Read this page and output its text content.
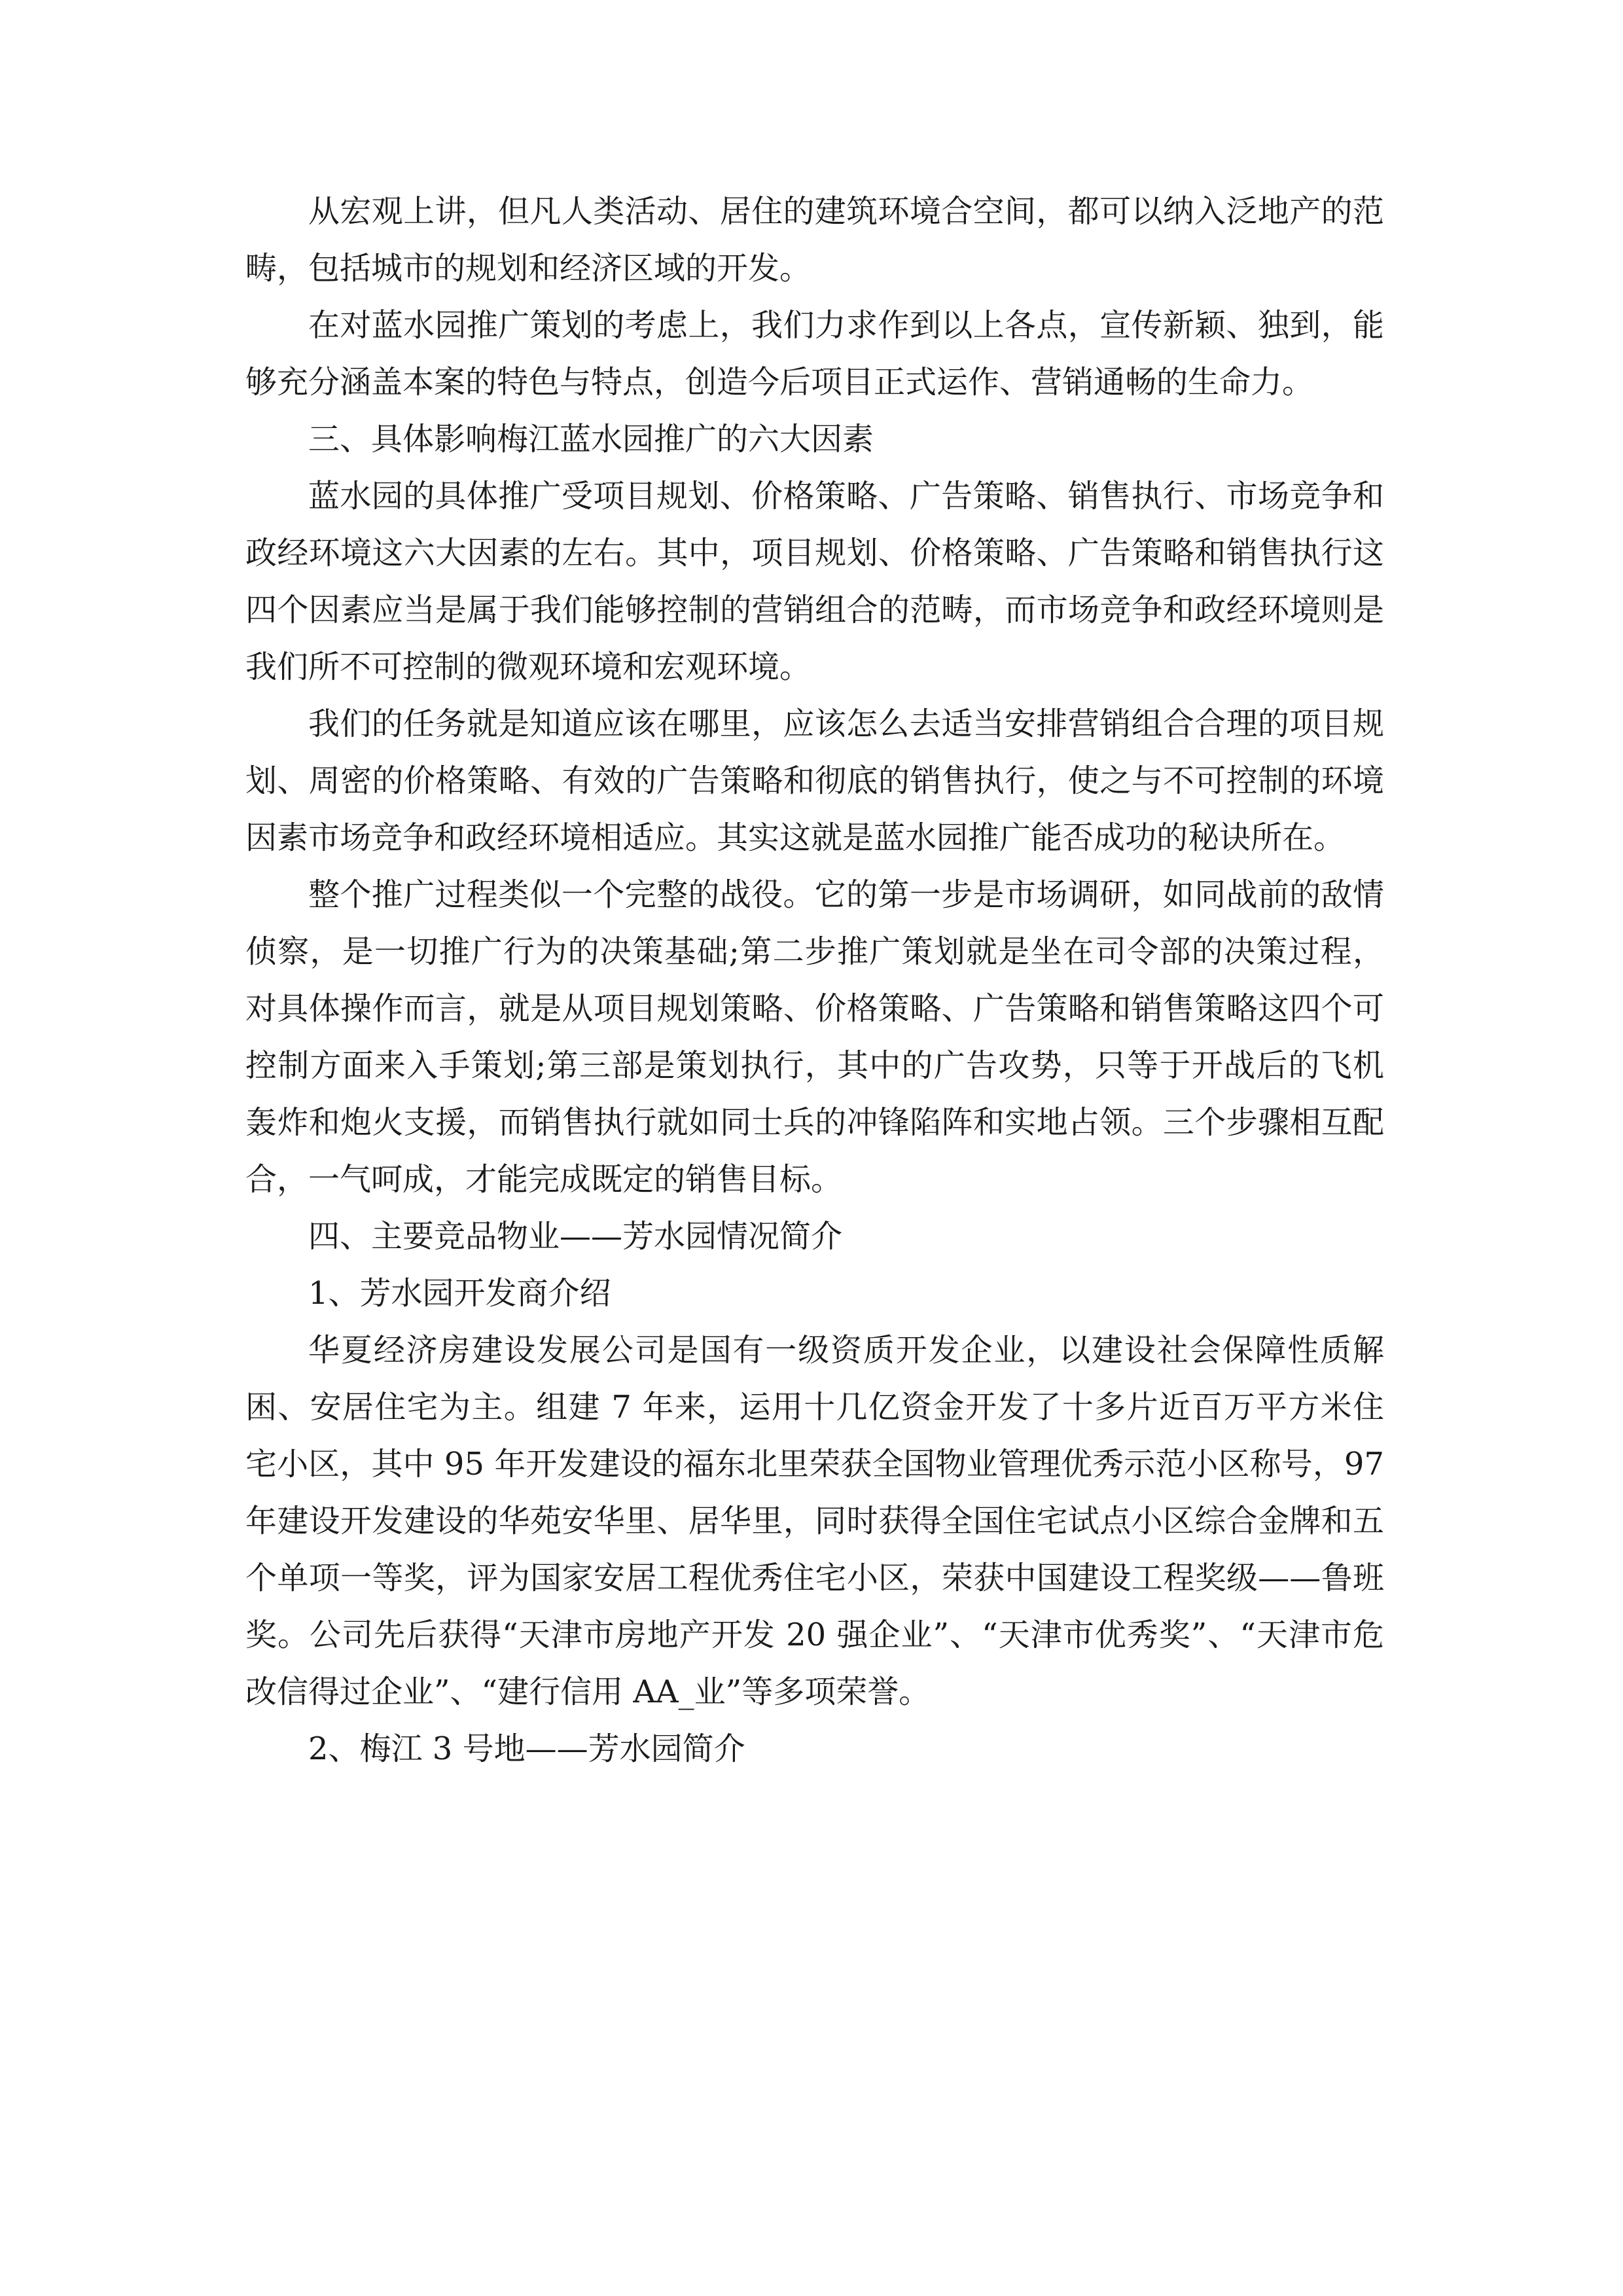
从宏观上讲，但凡人类活动、居住的建筑环境合空间，都可以纳入泛地产的范畴，包括城市的规划和经济区域的开发。

在对蓝水园推广策划的考虑上，我们力求作到以上各点，宣传新颖、独到，能够充分涵盖本案的特色与特点，创造今后项目正式运作、营销通畅的生命力。

三、具体影响梅江蓝水园推广的六大因素

蓝水园的具体推广受项目规划、价格策略、广告策略、销售执行、市场竞争和政经环境这六大因素的左右。其中，项目规划、价格策略、广告策略和销售执行这四个因素应当是属于我们能够控制的营销组合的范畴，而市场竞争和政经环境则是我们所不可控制的微观环境和宏观环境。

我们的任务就是知道应该在哪里，应该怎么去适当安排营销组合合理的项目规划、周密的价格策略、有效的广告策略和彻底的销售执行，使之与不可控制的环境因素市场竞争和政经环境相适应。其实这就是蓝水园推广能否成功的秘诀所在。

整个推广过程类似一个完整的战役。它的第一步是市场调研，如同战前的敌情侦察，是一切推广行为的决策基础;第二步推广策划就是坐在司令部的决策过程，对具体操作而言，就是从项目规划策略、价格策略、广告策略和销售策略这四个可控制方面来入手策划;第三部是策划执行，其中的广告攻势，只等于开战后的飞机轰炸和炮火支援，而销售执行就如同士兵的冲锋陷阵和实地占领。三个步骤相互配合，一气呵成，才能完成既定的销售目标。

四、主要竞品物业——芳水园情况简介

1、芳水园开发商介绍

华夏经济房建设发展公司是国有一级资质开发企业，以建设社会保障性质解困、安居住宅为主。组建 7 年来，运用十几亿资金开发了十多片近百万平方米住宅小区，其中 95 年开发建设的福东北里荣获全国物业管理优秀示范小区称号，97 年建设开发建设的华苑安华里、居华里，同时获得全国住宅试点小区综合金牌和五个单项一等奖，评为国家安居工程优秀住宅小区，荣获中国建设工程奖级——鲁班奖。公司先后获得“天津市房地产开发 20 强企业”、“天津市优秀奖”、“天津市危改信得过企业”、“建行信用 AA_业”等多项荣誉。

2、梅江 3 号地——芳水园简介
